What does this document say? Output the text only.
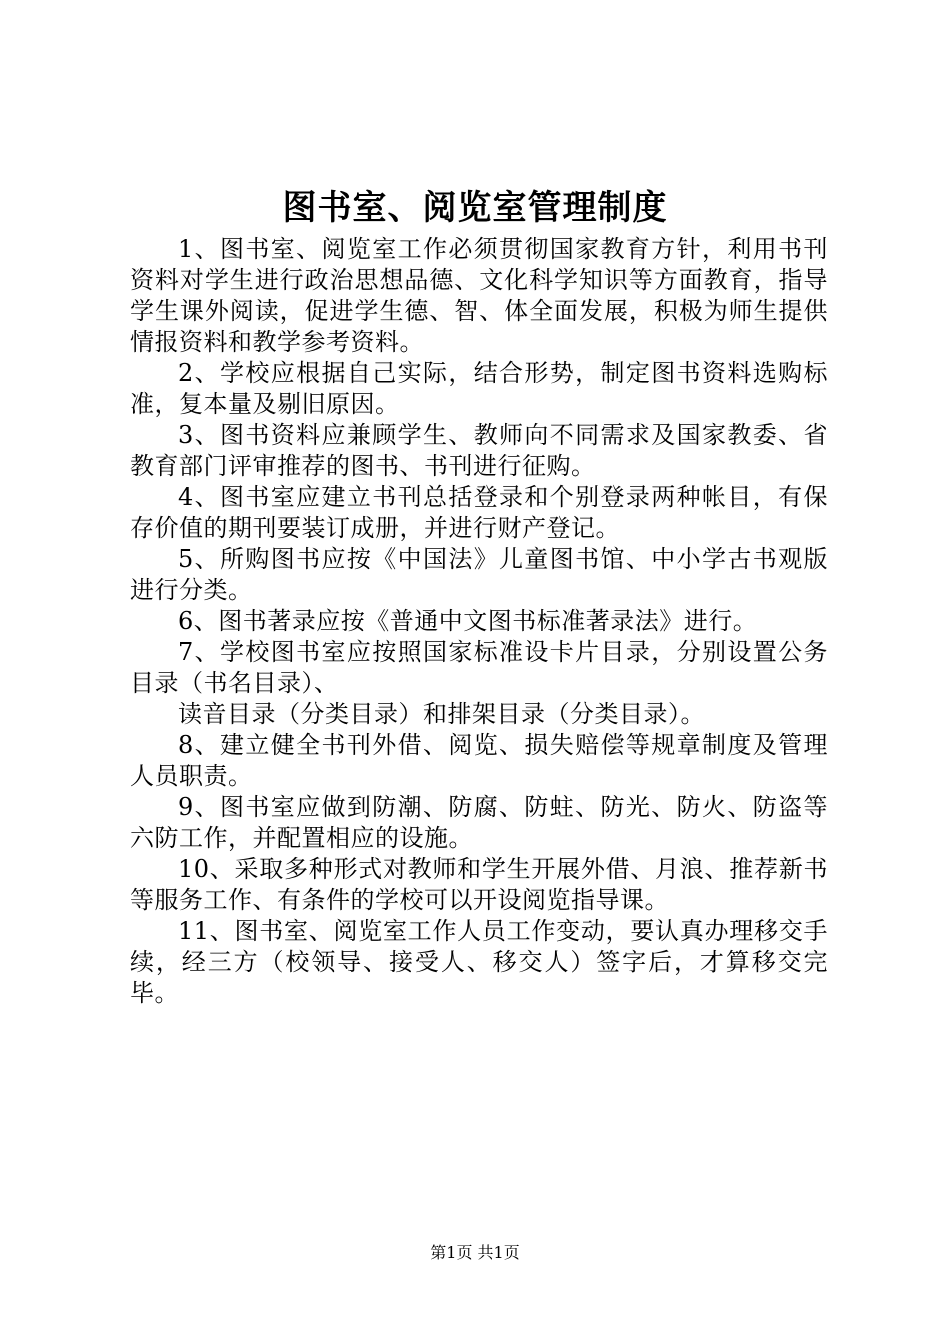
图书室、阅览室管理制度

1、图书室、阅览室工作必须贯彻国家教育方针，利用书刊资料对学生进行政治思想品德、文化科学知识等方面教育，指导学生课外阅读，促进学生德、智、体全面发展，积极为师生提供情报资料和教学参考资料。

2、学校应根据自己实际，结合形势，制定图书资料选购标准，复本量及剔旧原因。

3、图书资料应兼顾学生、教师向不同需求及国家教委、省教育部门评审推荐的图书、书刊进行征购。

4、图书室应建立书刊总括登录和个别登录两种帐目，有保存价值的期刊要装订成册，并进行财产登记。

5、所购图书应按《中国法》儿童图书馆、中小学古书观版进行分类。

6、图书著录应按《普通中文图书标准著录法》进行。

7、学校图书室应按照国家标准设卡片目录，分别设置公务目录（书名目录）、

读音目录（分类目录）和排架目录（分类目录）。

8、建立健全书刊外借、阅览、损失赔偿等规章制度及管理人员职责。

9、图书室应做到防潮、防腐、防蛀、防光、防火、防盗等六防工作，并配置相应的设施。

10、采取多种形式对教师和学生开展外借、月浪、推荐新书等服务工作、有条件的学校可以开设阅览指导课。

11、图书室、阅览室工作人员工作变动，要认真办理移交手续，经三方（校领导、接受人、移交人）签字后，才算移交完毕。

第1页 共1页
